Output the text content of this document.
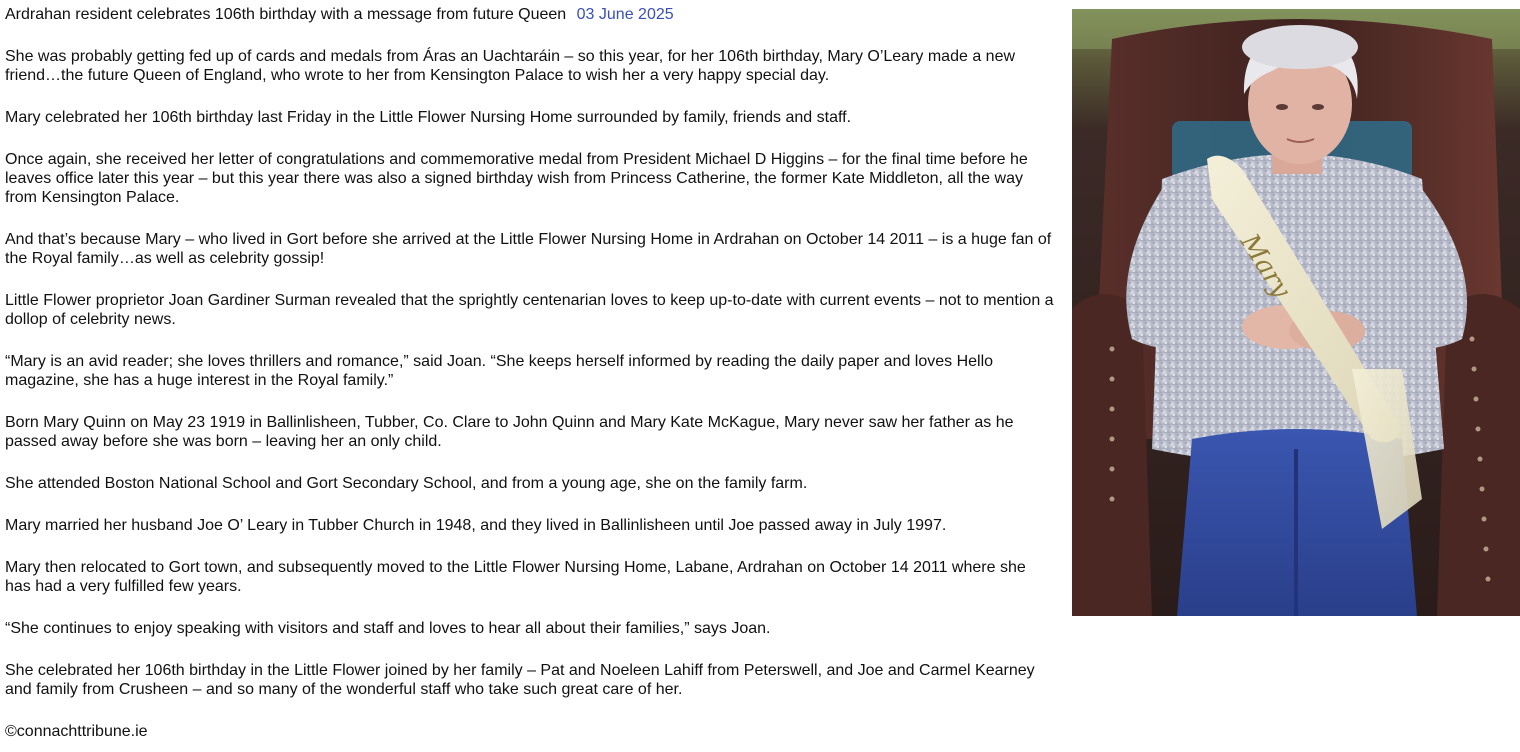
Ardrahan resident celebrates 106th birthday with a message from future Queen 03 June 2025

She was probably getting fed up of cards and medals from Áras an Uachtaráin – so this year, for her 106th birthday, Mary O’Leary made a new friend…the future Queen of England, who wrote to her from Kensington Palace to wish her a very happy special day.

Mary celebrated her 106th birthday last Friday in the Little Flower Nursing Home surrounded by family, friends and staff.

Once again, she received her letter of congratulations and commemorative medal from President Michael D Higgins – for the final time before he leaves office later this year – but this year there was also a signed birthday wish from Princess Catherine, the former Kate Middleton, all the way from Kensington Palace.

And that’s because Mary – who lived in Gort before she arrived at the Little Flower Nursing Home in Ardrahan on October 14 2011 – is a huge fan of the Royal family…as well as celebrity gossip!

Little Flower proprietor Joan Gardiner Surman revealed that the sprightly centenarian loves to keep up-to-date with current events – not to mention a dollop of celebrity news.

“Mary is an avid reader; she loves thrillers and romance,” said Joan. “She keeps herself informed by reading the daily paper and loves Hello magazine, she has a huge interest in the Royal family.”

Born Mary Quinn on May 23 1919 in Ballinlisheen, Tubber, Co. Clare to John Quinn and Mary Kate McKague, Mary never saw her father as he passed away before she was born – leaving her an only child.

She attended Boston National School and Gort Secondary School, and from a young age, she on the family farm.

Mary married her husband Joe O’ Leary in Tubber Church in 1948, and they lived in Ballinlisheen until Joe passed away in July 1997.

Mary then relocated to Gort town, and subsequently moved to the Little Flower Nursing Home, Labane, Ardrahan on October 14 2011 where she has had a very fulfilled few years.

“She continues to enjoy speaking with visitors and staff and loves to hear all about their families,” says Joan.

She celebrated her 106th birthday in the Little Flower joined by her family – Pat and Noeleen Lahiff from Peterswell, and Joe and Carmel Kearney and family from Crusheen – and so many of the wonderful staff who take such great care of her.

©connachttribune.ie

Mary
